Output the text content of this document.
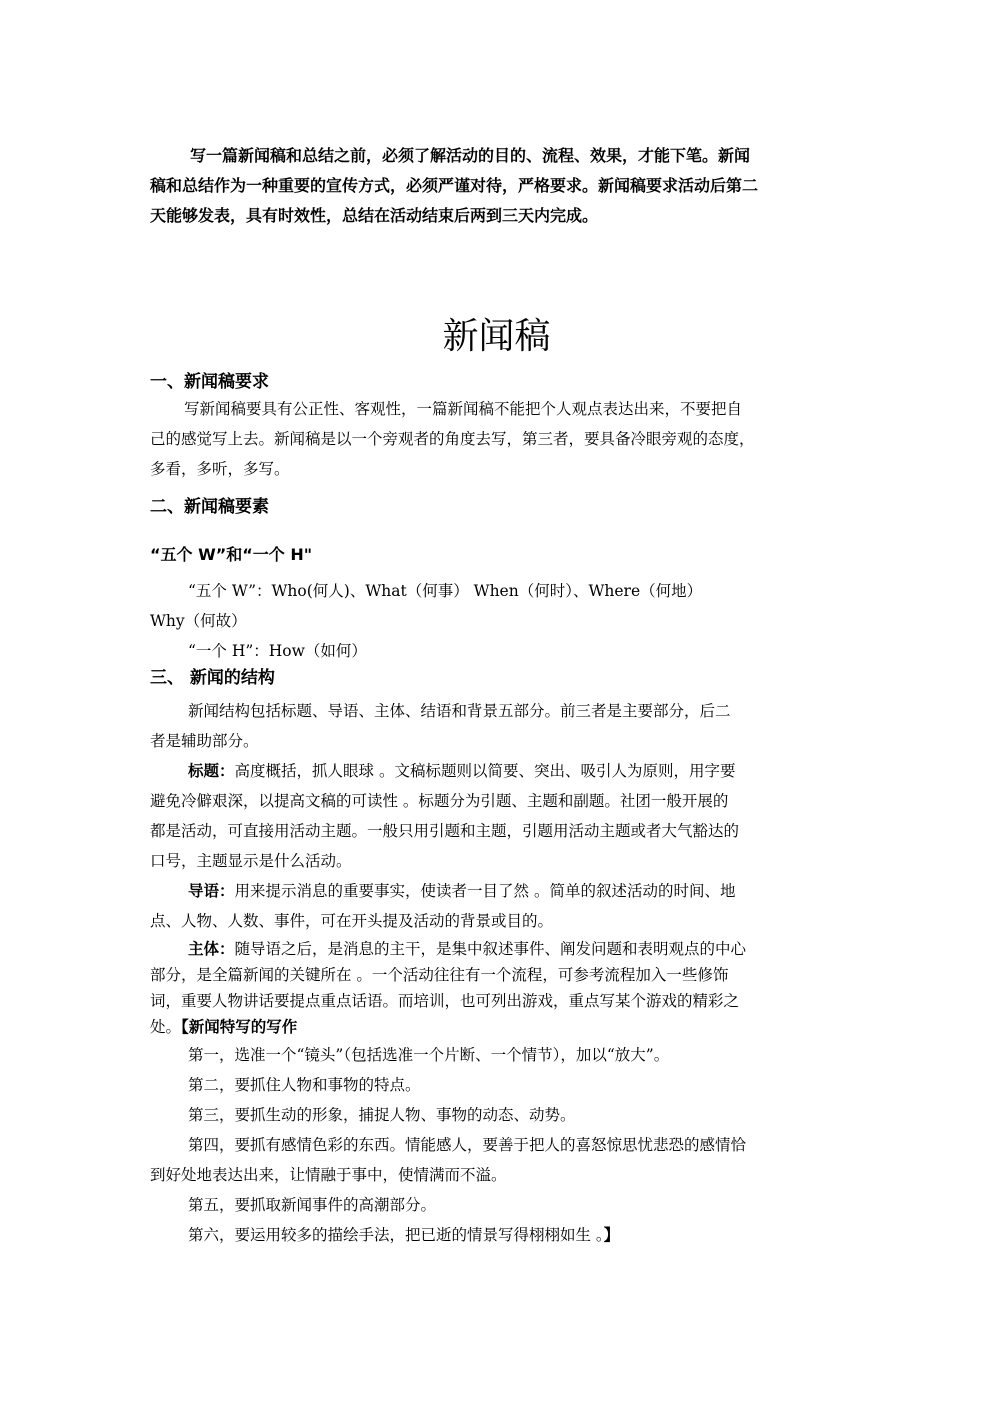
写一篇新闻稿和总结之前，必须了解活动的目的、流程、效果，才能下笔。新闻
稿和总结作为一种重要的宣传方式，必须严谨对待，严格要求。新闻稿要求活动后第二
天能够发表，具有时效性，总结在活动结束后两到三天内完成。
新闻稿
一、新闻稿要求
写新闻稿要具有公正性、客观性，一篇新闻稿不能把个人观点表达出来，不要把自
己的感觉写上去。新闻稿是以一个旁观者的角度去写，第三者，要具备冷眼旁观的态度，
多看，多听，多写。
二、新闻稿要素
“五个 W”和“一个 H"
“五个 W”：Who(何人)、What（何事） When（何时）、Where（何地）
Why（何故）
“一个 H”：How（如何）
三、 新闻的结构
新闻结构包括标题、导语、主体、结语和背景五部分。前三者是主要部分，后二
者是辅助部分。
标题：高度概括，抓人眼球 。文稿标题则以简要、突出、吸引人为原则，用字要
避免冷僻艰深，以提高文稿的可读性 。标题分为引题、主题和副题。社团一般开展的
都是活动，可直接用活动主题。一般只用引题和主题，引题用活动主题或者大气豁达的
口号，主题显示是什么活动。
导语：用来提示消息的重要事实，使读者一目了然 。简单的叙述活动的时间、地
点、人物、人数、事件，可在开头提及活动的背景或目的。
主体：随导语之后，是消息的主干，是集中叙述事件、阐发问题和表明观点的中心
部分，是全篇新闻的关键所在 。一个活动往往有一个流程，可参考流程加入一些修饰
词，重要人物讲话要提点重点话语。而培训，也可列出游戏，重点写某个游戏的精彩之
处。【新闻特写的写作
第一，选准一个“镜头”（包括选准一个片断、一个情节），加以“放大”。
第二，要抓住人物和事物的特点。
第三，要抓生动的形象，捕捉人物、事物的动态、动势。
第四，要抓有感情色彩的东西。情能感人，要善于把人的喜怒惊思忧悲恐的感情恰
到好处地表达出来，让情融于事中，使情满而不溢。
第五，要抓取新闻事件的高潮部分。
第六，要运用较多的描绘手法，把已逝的情景写得栩栩如生 。】
